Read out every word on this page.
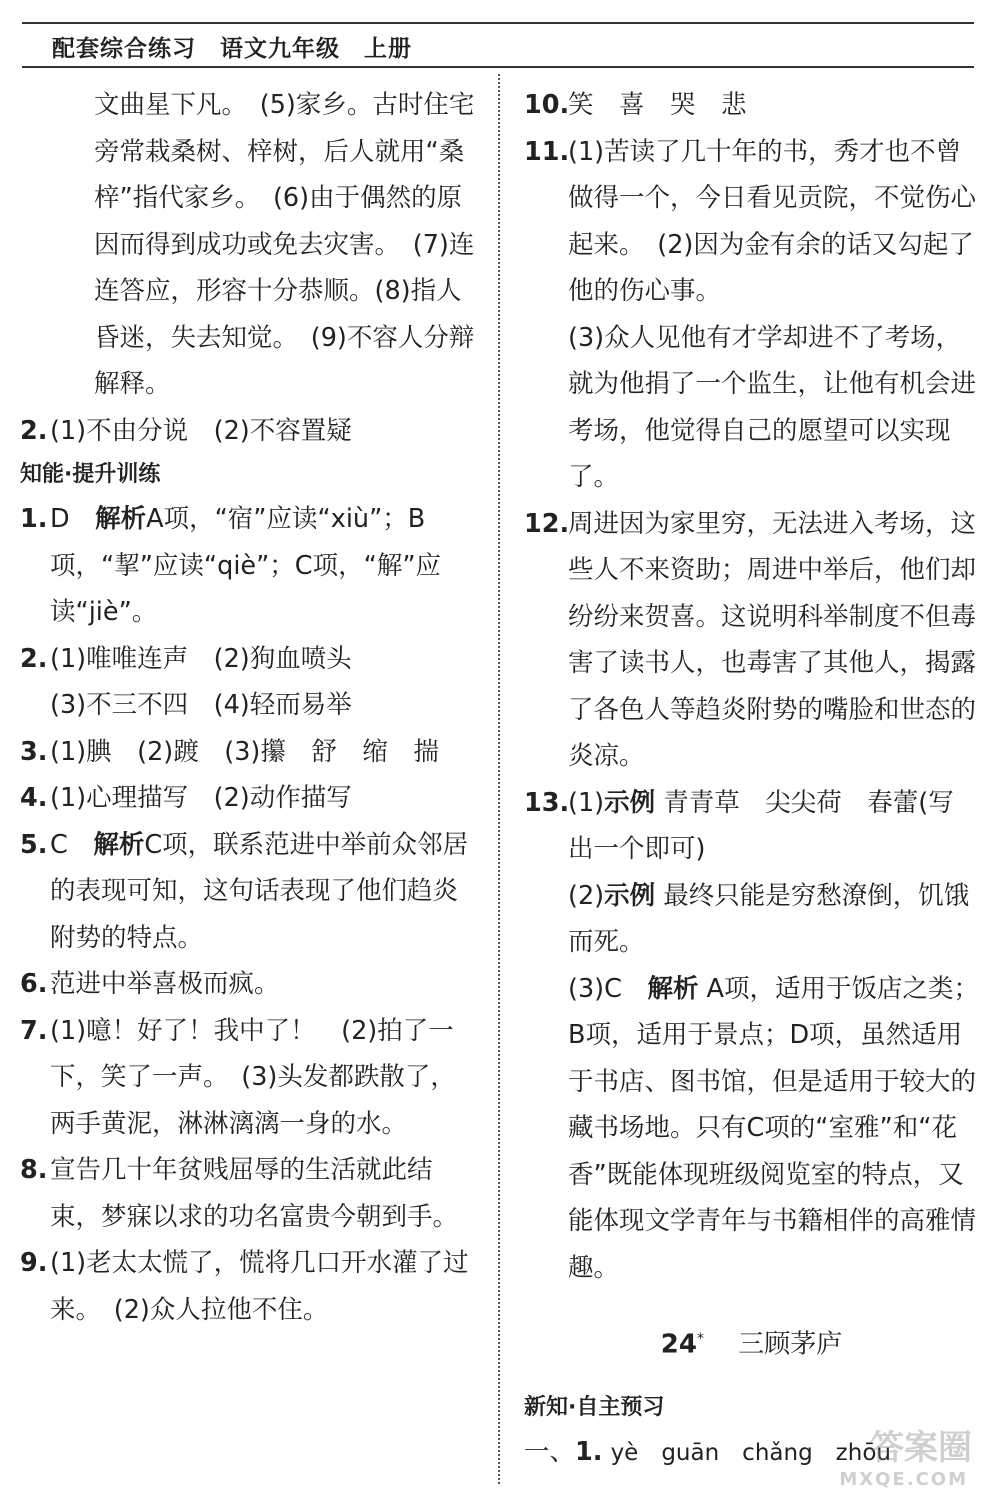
配套综合练习　语文九年级　上册
文曲星下凡。　(5)家乡。古时住宅旁常栽桑树、梓树，后人就用“桑梓”指代家乡。　(6)由于偶然的原因而得到成功或免去灾害。　(7)连连答应，形容十分恭顺。(8)指人昏迷，失去知觉。　(9)不容人分辩解释。
2. (1)不由分说　(2)不容置疑
知能·提升训练
1. D　解析A项，“宿”应读“xiù”；B项，“挈”应读“qiè”；C项，“解”应读“jiè”。
2. (1)唯唯连声　(2)狗血喷头
(3)不三不四　(4)轻而易举
3. (1)腆　(2)踱　(3)攥　舒　缩　揣
4. (1)心理描写　(2)动作描写
5. C　解析C项，联系范进中举前众邻居的表现可知，这句话表现了他们趋炎附势的特点。
6. 范进中举喜极而疯。
7. (1)噫！好了！我中了！　(2)拍了一下，笑了一声。　(3)头发都跌散了，两手黄泥，淋淋漓漓一身的水。
8. 宣告几十年贫贱屈辱的生活就此结束，梦寐以求的功名富贵今朝到手。
9. (1)老太太慌了，慌将几口开水灌了过来。　(2)众人拉他不住。
10.
笑　喜　哭　悲
11.
(1)苦读了几十年的书，秀才也不曾做得一个，今日看见贡院，不觉伤心起来。　(2)因为金有余的话又勾起了他的伤心事。
(3)众人见他有才学却进不了考场，就为他捐了一个监生，让他有机会进考场，他觉得自己的愿望可以实现了。
12.
周进因为家里穷，无法进入考场，这些人不来资助；周进中举后，他们却纷纷来贺喜。这说明科举制度不但毒害了读书人，也毒害了其他人，揭露了各色人等趋炎附势的嘴脸和世态的炎凉。
13.
(1)示例 青青草　尖尖荷　春蕾(写出一个即可)
(2)示例 最终只能是穷愁潦倒，饥饿而死。
(3)C　解析 A项，适用于饭店之类；B项，适用于景点；D项，虽然适用于书店、图书馆，但是适用于较大的藏书场地。只有C项的“室雅”和“花香”既能体现班级阅览室的特点，又能体现文学青年与书籍相伴的高雅情趣。
24*　 三顾茅庐
新知·自主预习
一、1. yè　guān　chǎng　zhōu
答案圈
MXQE.COM
